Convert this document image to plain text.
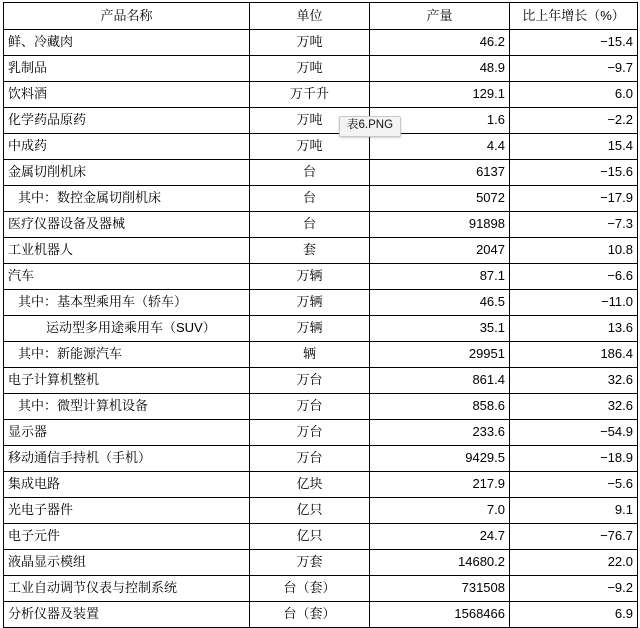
产品名称	单位	产量	比上年增长（%）
鲜、冷藏肉	万吨	46.2	−15.4
乳制品	万吨	48.9	−9.7
饮料酒	万千升	129.1	6.0
化学药品原药	万吨	1.6	−2.2
中成药	万吨	4.4	15.4
金属切削机床	台	6137	−15.6
其中：数控金属切削机床	台	5072	−17.9
医疗仪器设备及器械	台	91898	−7.3
工业机器人	套	2047	10.8
汽车	万辆	87.1	−6.6
其中：基本型乘用车（轿车）	万辆	46.5	−11.0
运动型多用途乘用车（SUV）	万辆	35.1	13.6
其中：新能源汽车	辆	29951	186.4
电子计算机整机	万台	861.4	32.6
其中：微型计算机设备	万台	858.6	32.6
显示器	万台	233.6	−54.9
移动通信手持机（手机）	万台	9429.5	−18.9
集成电路	亿块	217.9	−5.6
光电子器件	亿只	7.0	9.1
电子元件	亿只	24.7	−76.7
液晶显示模组	万套	14680.2	22.0
工业自动调节仪表与控制系统	台（套）	731508	−9.2
分析仪器及装置	台（套）	1568466	6.9
表6.PNG
